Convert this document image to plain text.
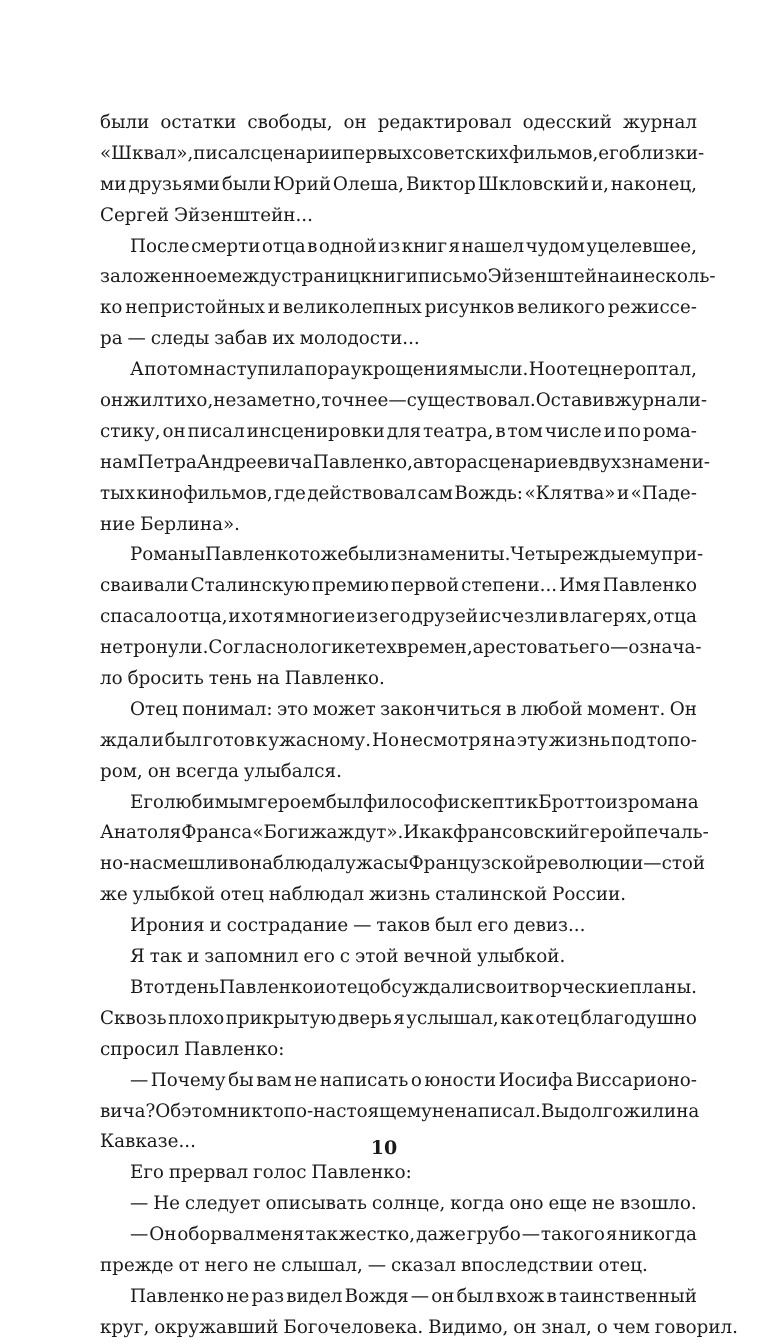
были остатки свободы, он редактировал одесский журнал
«Шквал», писал сценарии первых советских фильмов, его близки-
ми друзьями были Юрий Олеша, Виктор Шкловский и, наконец,
Сергей Эйзенштейн...
После смерти отца в одной из книг я нашел чудом уцелевшее,
заложенное между страниц книги письмо Эйзенштейна и несколь-
ко непристойных и великолепных рисунков великого режиссе-
ра — следы забав их молодости...
А потом наступила пора укрощения мысли. Но отец не роптал,
он жил тихо, незаметно, точнее — существовал. Оставив журнали-
стику, он писал инсценировки для театра, в том числе и по рома-
нам Петра Андреевича Павленко, автора сценариев двух знамени-
тых кинофильмов, где действовал сам Вождь: «Клятва» и «Паде-
ние Берлина».
Романы Павленко тоже были знамениты. Четырежды ему при-
сваивали Сталинскую премию первой степени... Имя Павленко
спасало отца, и хотя многие из его друзей исчезли в лагерях, отца
не тронули. Согласно логике тех времен, арестовать его — означа-
ло бросить тень на Павленко.
Отец понимал: это может закончиться в любой момент. Он
ждал и был готов к ужасному. Но несмотря на эту жизнь под топо-
ром, он всегда улыбался.
Его любимым героем был философ и скептик Бротто из романа
Анатоля Франса «Боги жаждут». И как франсовский герой печаль-
но-насмешливо наблюдал ужасы Французской революции — с той
же улыбкой отец наблюдал жизнь сталинской России.
Ирония и сострадание — таков был его девиз...
Я так и запомнил его с этой вечной улыбкой.
В тот день Павленко и отец обсуждали свои творческие планы.
Сквозь плохо прикрытую дверь я услышал, как отец благодушно
спросил Павленко:
— Почему бы вам не написать о юности Иосифа Виссарионо-
вича? Об этом никто по-настоящему не написал. Вы долго жили на
Кавказе...
Его прервал голос Павленко:
— Не следует описывать солнце, когда оно еще не взошло.
— Он оборвал меня так жестко, даже грубо — такого я никогда
прежде от него не слышал, — сказал впоследствии отец.
Павленко не раз видел Вождя — он был вхож в таинственный
круг, окружавший Богочеловека. Видимо, он знал, о чем говорил.
10
